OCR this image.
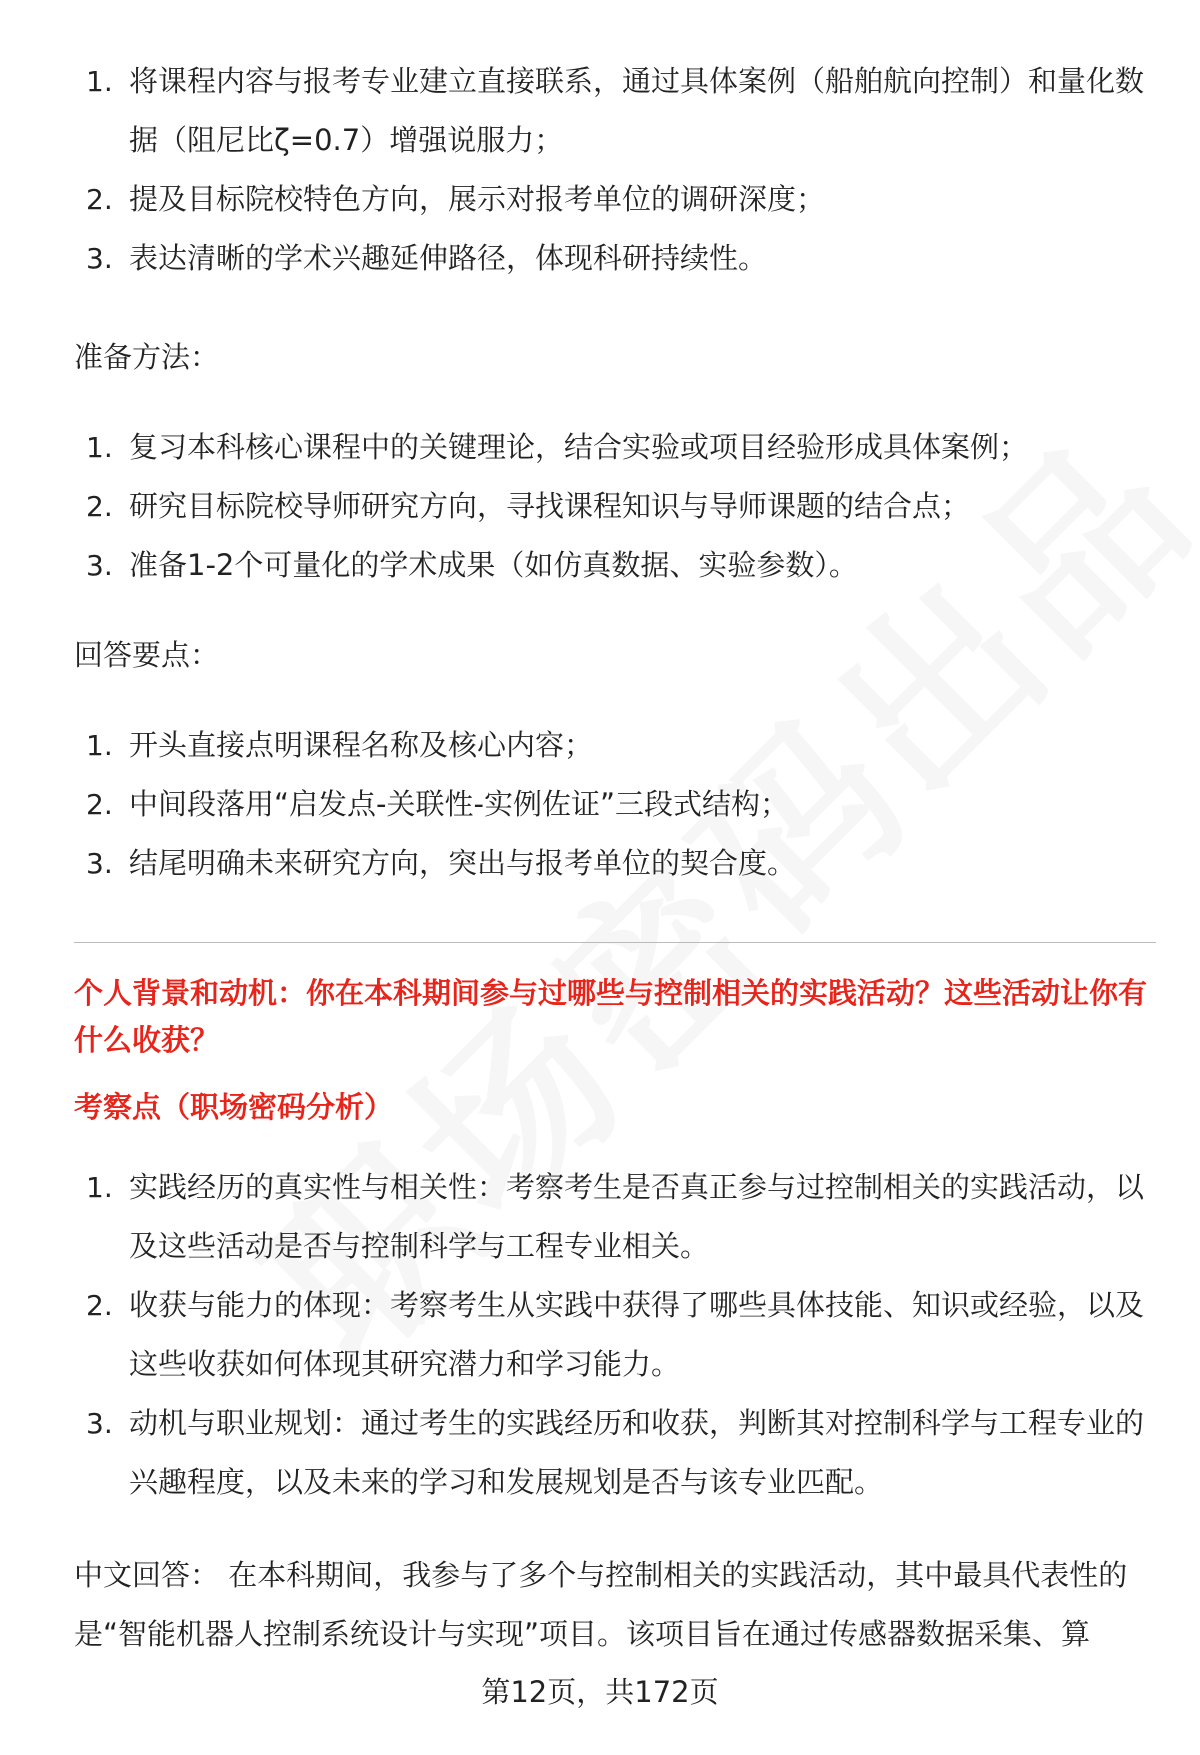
1. 将课程内容与报考专业建立直接联系，通过具体案例（船舶航向控制）和量化数据（阻尼比ζ=0.7）增强说服力；
2. 提及目标院校特色方向，展示对报考单位的调研深度；
3. 表达清晰的学术兴趣延伸路径，体现科研持续性。
准备方法：
1. 复习本科核心课程中的关键理论，结合实验或项目经验形成具体案例；
2. 研究目标院校导师研究方向，寻找课程知识与导师课题的结合点；
3. 准备1-2个可量化的学术成果（如仿真数据、实验参数）。
回答要点：
1. 开头直接点明课程名称及核心内容；
2. 中间段落用“启发点-关联性-实例佐证”三段式结构；
3. 结尾明确未来研究方向，突出与报考单位的契合度。
个人背景和动机：你在本科期间参与过哪些与控制相关的实践活动？这些活动让你有什么收获？
考察点（职场密码分析）
1. 实践经历的真实性与相关性：考察考生是否真正参与过控制相关的实践活动，以及这些活动是否与控制科学与工程专业相关。
2. 收获与能力的体现：考察考生从实践中获得了哪些具体技能、知识或经验，以及这些收获如何体现其研究潜力和学习能力。
3. 动机与职业规划：通过考生的实践经历和收获，判断其对控制科学与工程专业的兴趣程度，以及未来的学习和发展规划是否与该专业匹配。
中文回答： 在本科期间，我参与了多个与控制相关的实践活动，其中最具代表性的是“智能机器人控制系统设计与实现”项目。该项目旨在通过传感器数据采集、算
第12页，共172页
